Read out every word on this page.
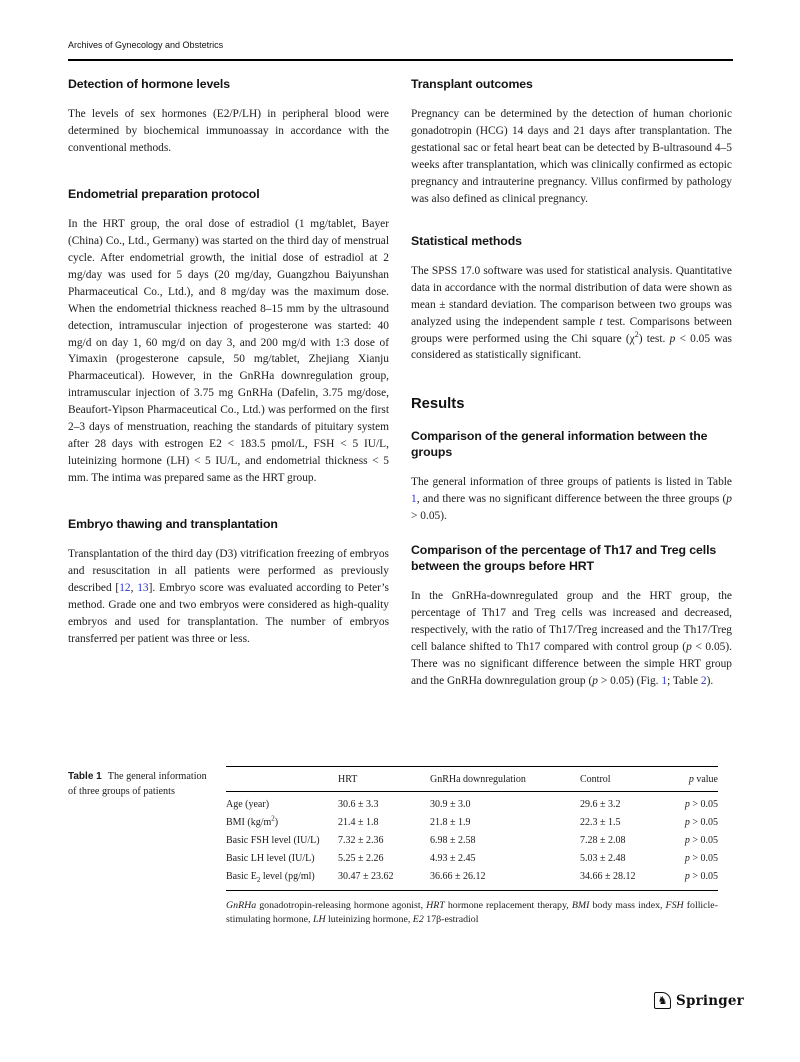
Archives of Gynecology and Obstetrics
Detection of hormone levels

The levels of sex hormones (E2/P/LH) in peripheral blood were determined by biochemical immunoassay in accordance with the conventional methods.

Endometrial preparation protocol

In the HRT group, the oral dose of estradiol (1 mg/tablet, Bayer (China) Co., Ltd., Germany) was started on the third day of menstrual cycle. After endometrial growth, the initial dose of estradiol at 2 mg/day was used for 5 days (20 mg/day, Guangzhou Baiyunshan Pharmaceutical Co., Ltd.), and 8 mg/day was the maximum dose. When the endometrial thickness reached 8–15 mm by the ultrasound detection, intramuscular injection of progesterone was started: 40 mg/d on day 1, 60 mg/d on day 3, and 200 mg/d with 1:3 dose of Yimaxin (progesterone capsule, 50 mg/tablet, Zhejiang Xianju Pharmaceutical). However, in the GnRHa downregulation group, intramuscular injection of 3.75 mg GnRHa (Dafelin, 3.75 mg/dose, Beaufort-Yipson Pharmaceutical Co., Ltd.) was performed on the first 2–3 days of menstruation, reaching the standards of pituitary system after 28 days with estrogen E2 < 183.5 pmol/L, FSH < 5 IU/L, luteinizing hormone (LH) < 5 IU/L, and endometrial thickness < 5 mm. The intima was prepared same as the HRT group.

Embryo thawing and transplantation

Transplantation of the third day (D3) vitrification freezing of embryos and resuscitation in all patients were performed as previously described [12, 13]. Embryo score was evaluated according to Peter’s method. Grade one and two embryos were considered as high-quality embryos and used for transplantation. The number of embryos transferred per patient was three or less.

Transplant outcomes

Pregnancy can be determined by the detection of human chorionic gonadotropin (HCG) 14 days and 21 days after transplantation. The gestational sac or fetal heart beat can be detected by B-ultrasound 4–5 weeks after transplantation, which was clinically confirmed as ectopic pregnancy and intrauterine pregnancy. Villus confirmed by pathology was also defined as clinical pregnancy.

Statistical methods

The SPSS 17.0 software was used for statistical analysis. Quantitative data in accordance with the normal distribution of data were shown as mean ± standard deviation. The comparison between two groups was analyzed using the independent sample t test. Comparisons between groups were performed using the Chi square $(\chi^2)$ test. p < 0.05 was considered as statistically significant.

Results
Comparison of the general information between the groups

The general information of three groups of patients is listed in Table 1, and there was no significant difference between the three groups (p > 0.05).

Comparison of the percentage of Th17 and Treg cells between the groups before HRT

In the GnRHa-downregulated group and the HRT group, the percentage of Th17 and Treg cells was increased and decreased, respectively, with the ratio of Th17/Treg increased and the Th17/Treg cell balance shifted to Th17 compared with control group (p < 0.05). There was no significant difference between the simple HRT group and the GnRHa downregulation group (p > 0.05) (Fig. 1; Table 2).

Table 1 The general information of three groups of patients
	HRT	GnRHa downregulation	Control	p value
Age (year)	30.6 ± 3.3	30.9 ± 3.0	29.6 ± 3.2	p > 0.05
BMI $(kg/m^2)$	21.4 ± 1.8	21.8 ± 1.9	22.3 ± 1.5	p > 0.05
Basic FSH level (IU/L)	7.32 ± 2.36	6.98 ± 2.58	7.28 ± 2.08	p > 0.05
Basic LH level (IU/L)	5.25 ± 2.26	4.93 ± 2.45	5.03 ± 2.48	p > 0.05
Basic $E_2$ level (pg/ml)	30.47 ± 23.62	36.66 ± 26.12	34.66 ± 28.12	p > 0.05
GnRHa gonadotropin-releasing hormone agonist, HRT hormone replacement therapy, BMI body mass index, FSH follicle-stimulating hormone, LH luteinizing hormone, E2 17β-estradiol
♞ Springer
